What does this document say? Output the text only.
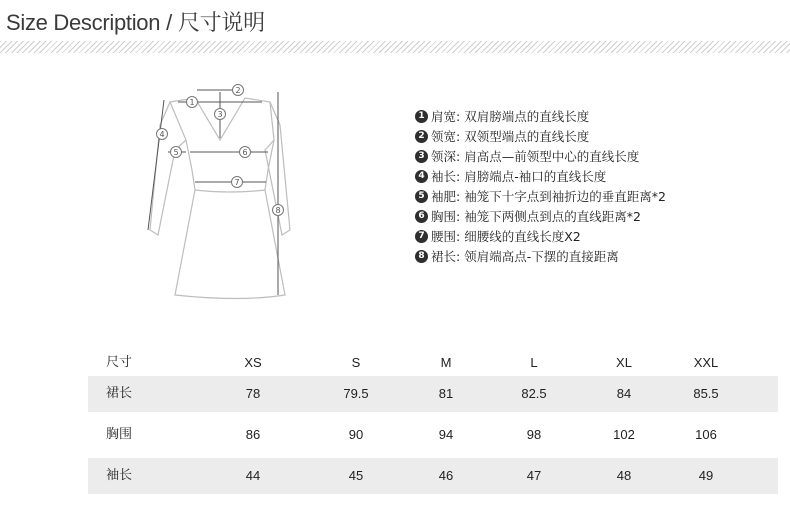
Size Description / 尺寸说明
1
2
3
4
5	6
7
8
1 肩宽: 双肩膀端点的直线长度
2 领宽: 双领型端点的直线长度
3 领深: 肩高点—前领型中心的直线长度
4 袖长: 肩膀端点-袖口的直线长度
5 袖肥: 袖笼下十字点到袖折边的垂直距离*2
6 胸围: 袖笼下两侧点到点的直线距离*2
7 腰围: 细腰线的直线长度X2
8 裙长: 领肩端高点-下摆的直接距离
尺寸	XS	S	M	L	XL	XXL
裙长	78	79.5	81	82.5	84	85.5
胸围	86	90	94	98	102	106
袖长	44	45	46	47	48	49
